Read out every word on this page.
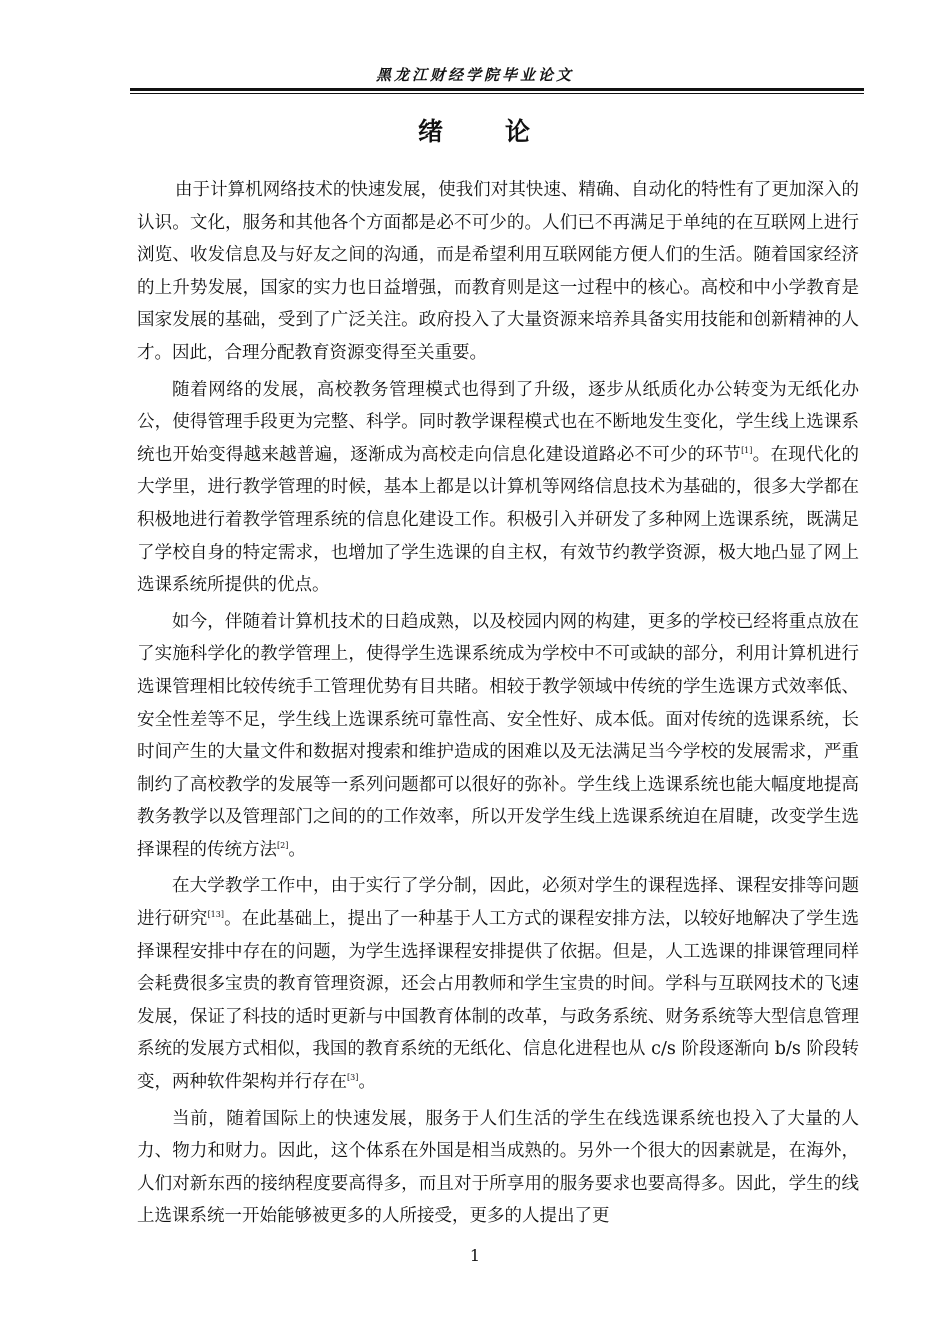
黑龙江财经学院毕业论文
绪 论

由于计算机网络技术的快速发展，使我们对其快速、精确、自动化的特性有了更加深入的认识。文化，服务和其他各个方面都是必不可少的。人们已不再满足于单纯的在互联网上进行浏览、收发信息及与好友之间的沟通，而是希望利用互联网能方便人们的生活。随着国家经济的上升势发展，国家的实力也日益增强，而教育则是这一过程中的核心。高校和中小学教育是国家发展的基础，受到了广泛关注。政府投入了大量资源来培养具备实用技能和创新精神的人才。因此，合理分配教育资源变得至关重要。

随着网络的发展，高校教务管理模式也得到了升级，逐步从纸质化办公转变为无纸化办公，使得管理手段更为完整、科学。同时教学课程模式也在不断地发生变化，学生线上选课系统也开始变得越来越普遍，逐渐成为高校走向信息化建设道路必不可少的环节[1]。在现代化的大学里，进行教学管理的时候，基本上都是以计算机等网络信息技术为基础的，很多大学都在积极地进行着教学管理系统的信息化建设工作。积极引入并研发了多种网上选课系统，既满足了学校自身的特定需求，也增加了学生选课的自主权，有效节约教学资源，极大地凸显了网上选课系统所提供的优点。

如今，伴随着计算机技术的日趋成熟，以及校园内网的构建，更多的学校已经将重点放在了实施科学化的教学管理上，使得学生选课系统成为学校中不可或缺的部分，利用计算机进行选课管理相比较传统手工管理优势有目共睹。相较于教学领域中传统的学生选课方式效率低、安全性差等不足，学生线上选课系统可靠性高、安全性好、成本低。面对传统的选课系统，长时间产生的大量文件和数据对搜索和维护造成的困难以及无法满足当今学校的发展需求，严重制约了高校教学的发展等一系列问题都可以很好的弥补。学生线上选课系统也能大幅度地提高教务教学以及管理部门之间的的工作效率，所以开发学生线上选课系统迫在眉睫，改变学生选择课程的传统方法[2]。

在大学教学工作中，由于实行了学分制，因此，必须对学生的课程选择、课程安排等问题进行研究[13]。在此基础上，提出了一种基于人工方式的课程安排方法，以较好地解决了学生选择课程安排中存在的问题，为学生选择课程安排提供了依据。但是，人工选课的排课管理同样会耗费很多宝贵的教育管理资源，还会占用教师和学生宝贵的时间。学科与互联网技术的飞速发展，保证了科技的适时更新与中国教育体制的改革，与政务系统、财务系统等大型信息管理系统的发展方式相似，我国的教育系统的无纸化、信息化进程也从 c/s 阶段逐渐向 b/s 阶段转变，两种软件架构并行存在[3]。

当前，随着国际上的快速发展，服务于人们生活的学生在线选课系统也投入了大量的人力、物力和财力。因此，这个体系在外国是相当成熟的。另外一个很大的因素就是，在海外，人们对新东西的接纳程度要高得多，而且对于所享用的服务要求也要高得多。因此，学生的线上选课系统一开始能够被更多的人所接受，更多的人提出了更

1
